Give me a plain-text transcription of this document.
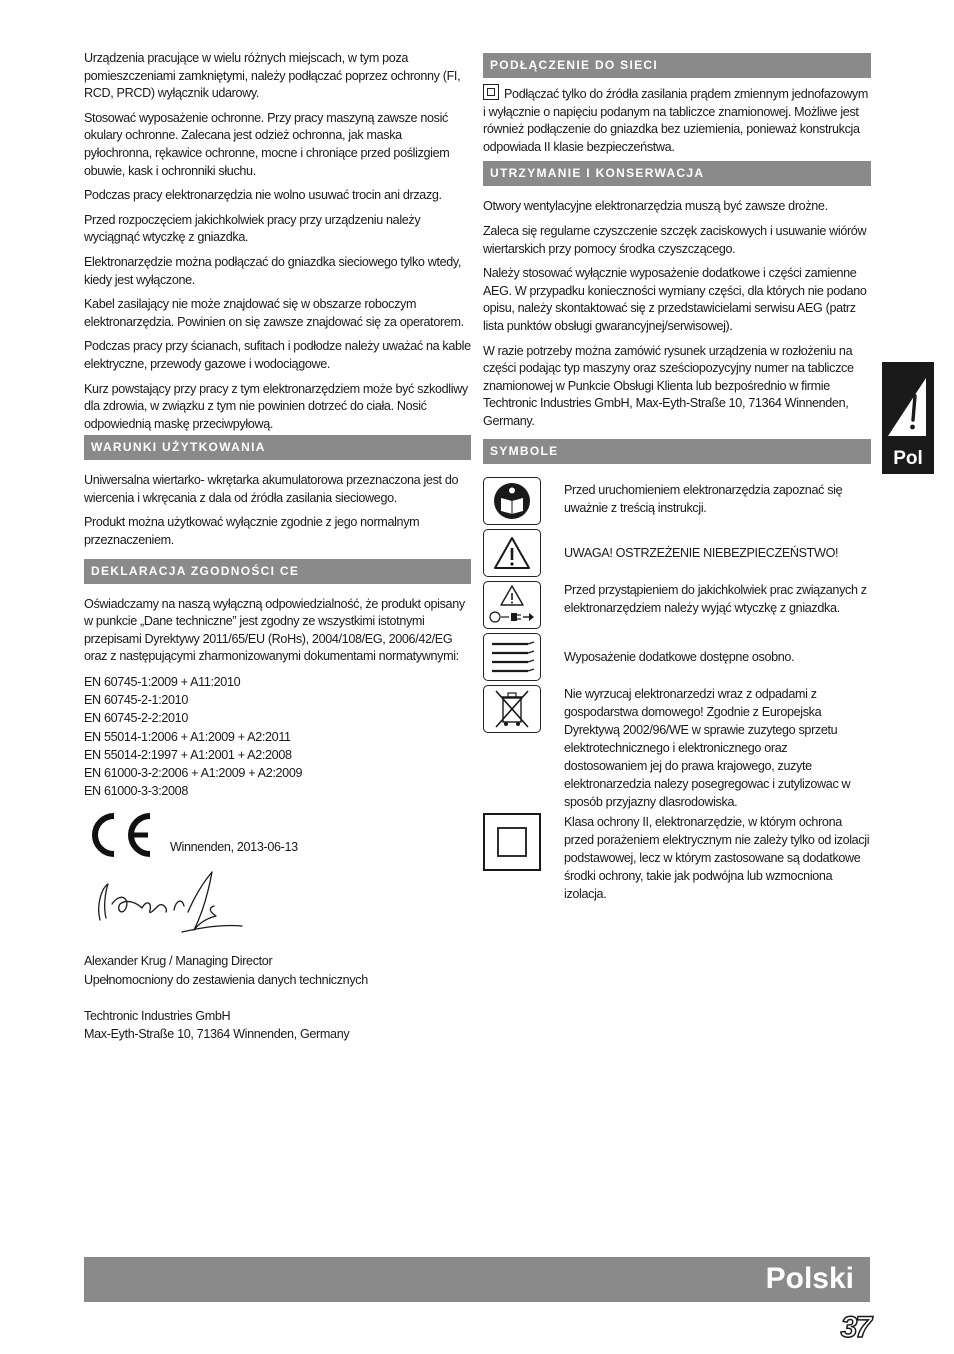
Urządzenia pracujące w wielu różnych miejscach, w tym poza pomieszczeniami zamkniętymi, należy podłączać poprzez ochronny (FI, RCD, PRCD) wyłącznik udarowy.

Stosować wyposażenie ochronne. Przy pracy maszyną zawsze nosić okulary ochronne. Zalecana jest odzież ochronna, jak maska pyłochronna, rękawice ochronne, mocne i chroniące przed poślizgiem obuwie, kask i ochronniki słuchu.

Podczas pracy elektronarzędzia nie wolno usuwać trocin ani drzazg.

Przed rozpoczęciem jakichkolwiek pracy przy urządzeniu należy wyciągnąć wtyczkę z gniazdka.

Elektronarzędzie można podłączać do gniazdka sieciowego tylko wtedy, kiedy jest wyłączone.

Kabel zasilający nie może znajdować się w obszarze roboczym elektronarzędzia. Powinien on się zawsze znajdować się za operatorem.

Podczas pracy przy ścianach, sufitach i podłodze należy uważać na kable elektryczne, przewody gazowe i wodociągowe.

Kurz powstający przy pracy z tym elektronarzędziem może być szkodliwy dla zdrowia, w związku z tym nie powinien dotrzeć do ciała. Nosić odpowiednią maskę przeciwpyłową.

WARUNKI UŻYTKOWANIA

Uniwersalna wiertarko- wkrętarka akumulatorowa przeznaczona jest do wiercenia i wkręcania z dala od źródła zasilania sieciowego.

Produkt można użytkować wyłącznie zgodnie z jego normalnym przeznaczeniem.

DEKLARACJA ZGODNOŚCI CE

Oświadczamy na naszą wyłączną odpowiedzialność, że produkt opisany w punkcie „Dane techniczne” jest zgodny ze wszystkimi istotnymi przepisami Dyrektywy 2011/65/EU (RoHs), 2004/108/EG, 2006/42/EG oraz z następującymi zharmonizowanymi dokumentami normatywnymi:

EN 60745-1:2009 + A11:2010
EN 60745-2-1:2010
EN 60745-2-2:2010
EN 55014-1:2006 + A1:2009 + A2:2011
EN 55014-2:1997 + A1:2001 + A2:2008
EN 61000-3-2:2006 + A1:2009 + A2:2009
EN 61000-3-3:2008
Winnenden, 2013-06-13
Alexander Krug / Managing Director
Upełnomocniony do zestawienia danych technicznych
Techtronic Industries GmbH
Max-Eyth-Straße 10, 71364 Winnenden, Germany
PODŁĄCZENIE DO SIECI

Podłączać tylko do źródła zasilania prądem zmiennym jednofazowym i wyłącznie o napięciu podanym na tabliczce znamionowej. Możliwe jest również podłączenie do gniazdka bez uziemienia, ponieważ konstrukcja odpowiada II klasie bezpieczeństwa.

UTRZYMANIE I KONSERWACJA

Otwory wentylacyjne elektronarzędzia muszą być zawsze drożne.

Zaleca się regularne czyszczenie szczęk zaciskowych i usuwanie wiórów wiertarskich przy pomocy środka czyszczącego.

Należy stosować wyłącznie wyposażenie dodatkowe i części zamienne AEG. W przypadku konieczności wymiany części, dla których nie podano opisu, należy skontaktować się z przedstawicielami serwisu AEG (patrz lista punktów obsługi gwarancyjnej/serwisowej).

W razie potrzeby można zamówić rysunek urządzenia w rozłożeniu na części podając typ maszyny oraz sześciopozycyjny numer na tabliczce znamionowej w Punkcie Obsługi Klienta lub bezpośrednio w firmie Techtronic Industries GmbH, Max-Eyth-Straße 10, 71364 Winnenden, Germany.

SYMBOLE
Przed uruchomieniem elektronarzędzia zapoznać się uważnie z treścią instrukcji.
UWAGA! OSTRZEŻENIE NIEBEZPIECZEŃSTWO!
Przed przystąpieniem do jakichkolwiek prac związanych z elektronarzędziem należy wyjąć wtyczkę z gniazdka.
Wyposażenie dodatkowe dostępne osobno.
Nie wyrzucaj elektronarzedzi wraz z odpadami z gospodarstwa domowego! Zgodnie z Europejska Dyrektywą 2002/96/WE w sprawie zuzytego sprzetu elektrotechnicznego i elektronicznego oraz dostosowaniem jej do prawa krajowego, zuzyte elektronarzedzia nalezy posegregowac i zutylizowac w sposób przyjazny dlasrodowiska.
Klasa ochrony II, elektronarzędzie, w którym ochrona przed porażeniem elektrycznym nie zależy tylko od izolacji podstawowej, lecz w którym zastosowane są dodatkowe środki ochrony, takie jak podwójna lub wzmocniona izolacja.
Pol
Polski
37
